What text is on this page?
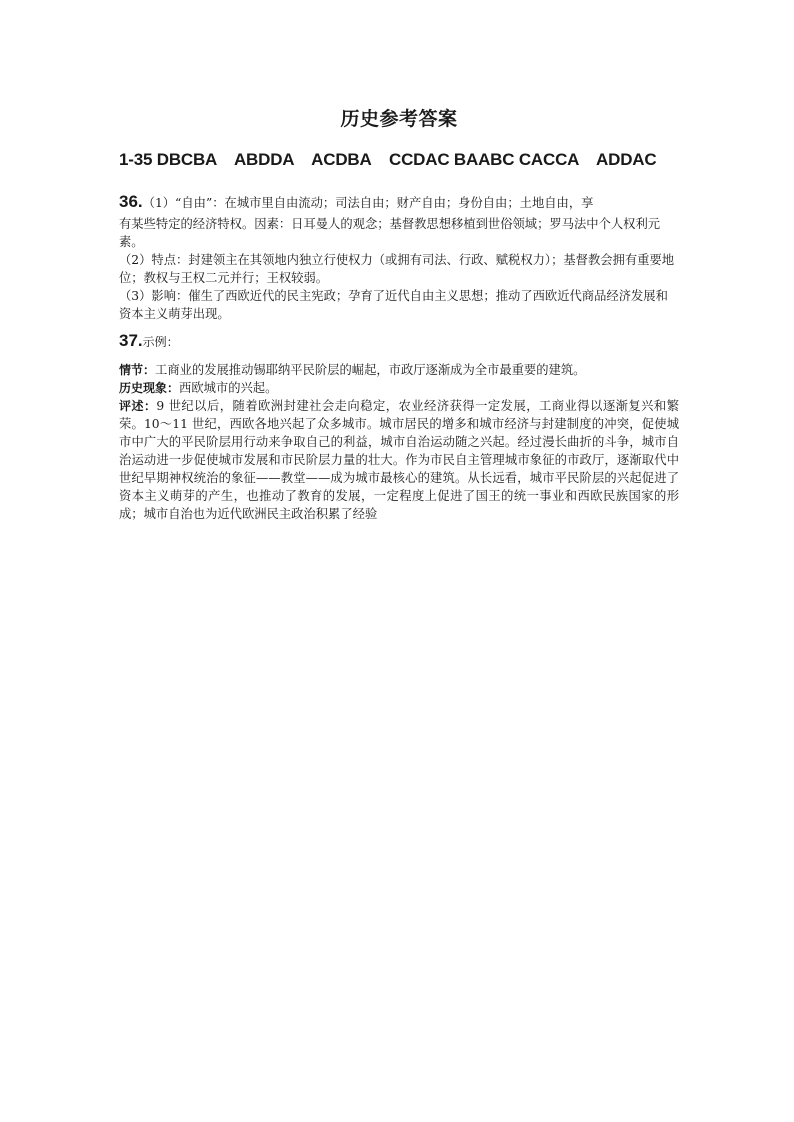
历史参考答案
1-35 DBCBA    ABDDA    ACDBA    CCDAC BAABC CACCA    ADDAC

36.（1）“自由”：在城市里自由流动；司法自由；财产自由；身份自由；土地自由，享

有某些特定的经济特权。因素：日耳曼人的观念；基督教思想移植到世俗领域；罗马法中个人权利元素。

（2）特点：封建领主在其领地内独立行使权力（或拥有司法、行政、赋税权力）；基督教会拥有重要地位；教权与王权二元并行；王权较弱。

（3）影响：催生了西欧近代的民主宪政；孕育了近代自由主义思想；推动了西欧近代商品经济发展和资本主义萌芽出现。

37.示例：

情节：工商业的发展推动锡耶纳平民阶层的崛起，市政厅逐渐成为全市最重要的建筑。

历史现象：西欧城市的兴起。

评述：9 世纪以后，随着欧洲封建社会走向稳定，农业经济获得一定发展，工商业得以逐渐复兴和繁荣。10～11 世纪，西欧各地兴起了众多城市。城市居民的增多和城市经济与封建制度的冲突，促使城市中广大的平民阶层用行动来争取自己的利益，城市自治运动随之兴起。经过漫长曲折的斗争，城市自治运动进一步促使城市发展和市民阶层力量的壮大。作为市民自主管理城市象征的市政厅，逐渐取代中世纪早期神权统治的象征——教堂——成为城市最核心的建筑。从长远看，城市平民阶层的兴起促进了资本主义萌芽的产生，也推动了教育的发展，一定程度上促进了国王的统一事业和西欧民族国家的形成；城市自治也为近代欧洲民主政治积累了经验
